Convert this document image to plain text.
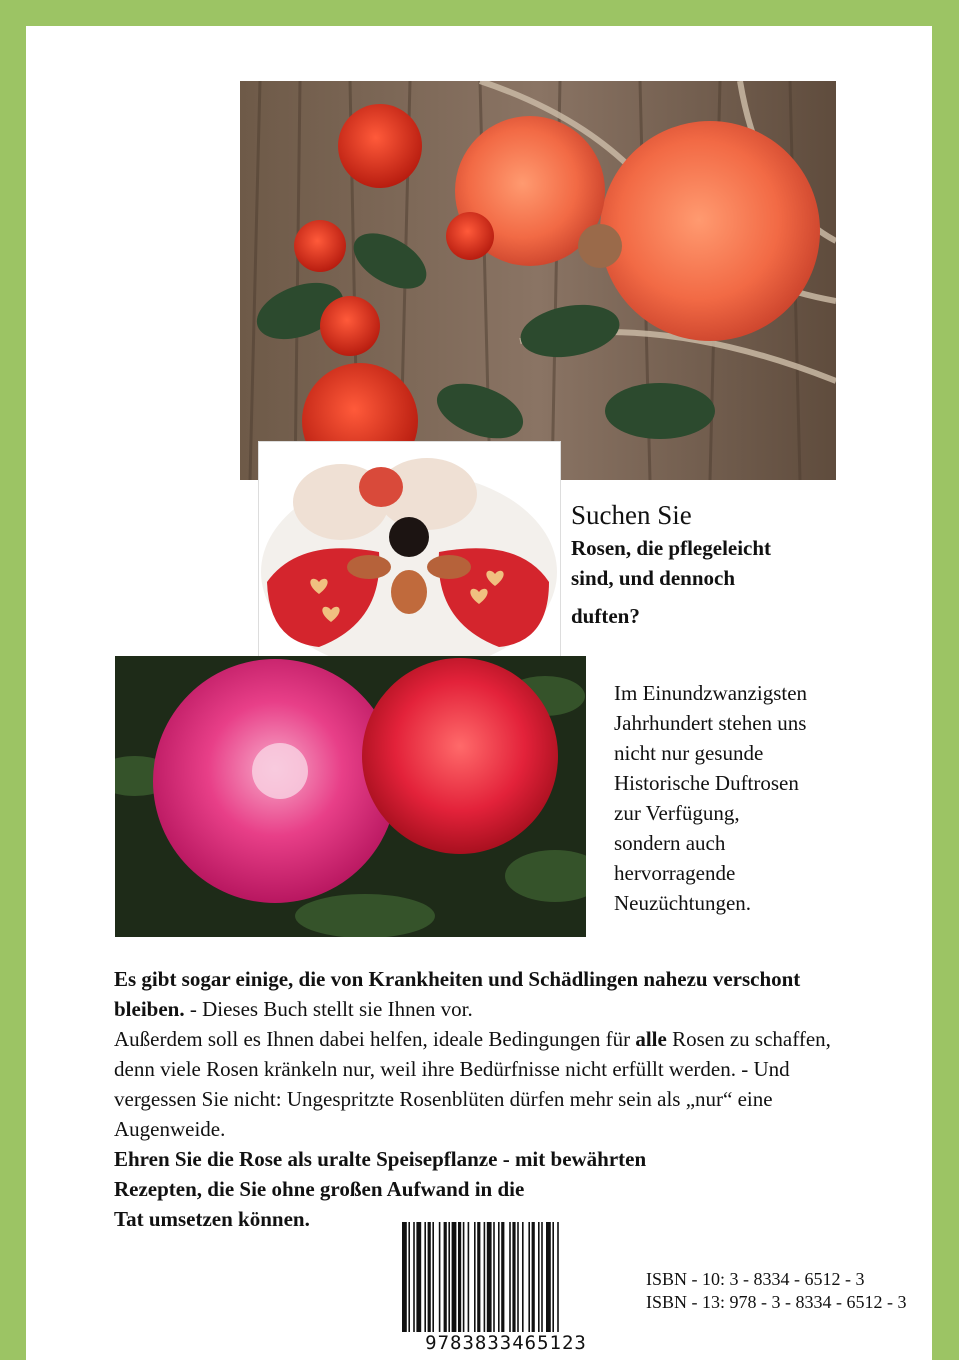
Suchen Sie
Rosen, die pflegeleicht
sind, und dennoch
duften?
Im Einundzwanzigsten
Jahrhundert stehen uns
nicht nur gesunde
Historische Duftrosen
zur Verfügung,
sondern auch
hervorragende
Neuzüchtungen.
Es gibt sogar einige, die von Krankheiten und Schädlingen nahezu verschont bleiben. - Dieses Buch stellt sie Ihnen vor.
Außerdem soll es Ihnen dabei helfen, ideale Bedingungen für alle Rosen zu schaffen, denn viele Rosen kränkeln nur, weil ihre Bedürfnisse nicht erfüllt werden. - Und vergessen Sie nicht: Ungespritzte Rosenblüten dürfen mehr sein als „nur“ eine Augenweide.
Ehren Sie die Rose als uralte Speisepflanze - mit bewährten
Rezepten, die Sie ohne großen Aufwand in die
Tat umsetzen können.
9783833465123
ISBN - 10: 3 - 8334 - 6512 - 3
ISBN - 13: 978 - 3 - 8334 - 6512 - 3
